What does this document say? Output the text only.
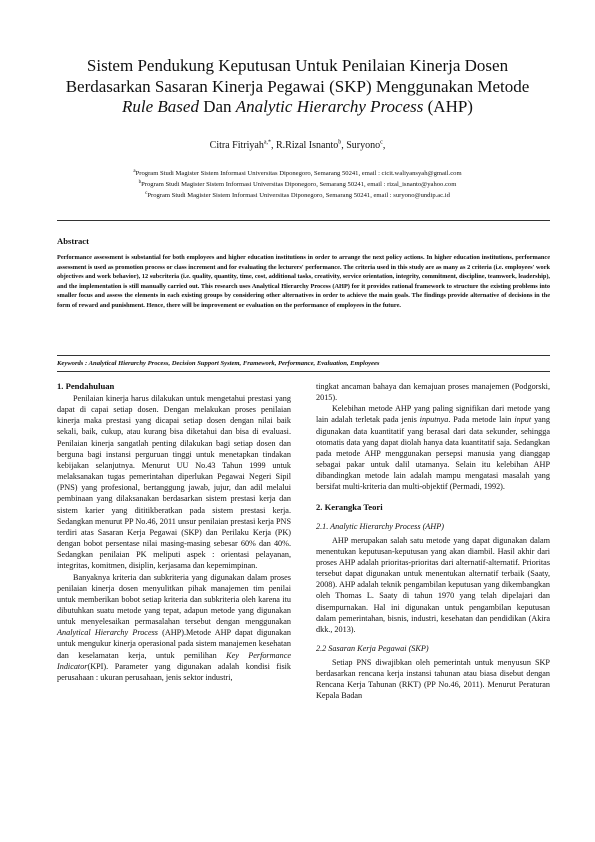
Sistem Pendukung Keputusan Untuk Penilaian Kinerja Dosen
Berdasarkan Sasaran Kinerja Pegawai (SKP) Menggunakan Metode
Rule Based Dan Analytic Hierarchy Process (AHP)
Citra Fitriyah$^{a,*}$, R.Rizal Isnanto$^b$, Suryono$^c$,
$^a$Program Studi Magister Sistem Informasi Universitas Diponegoro, Semarang 50241, email : cicit.waliyansyah@gmail.com
$^b$Program Studi Magister Sistem Informasi Universitas Diponegoro, Semarang 50241, email : rizal_isnanto@yahoo.com
$^c$Program Studi Magister Sistem Informasi Universitas Diponegoro, Semarang 50241, email : suryono@undip.ac.id
Abstract
Performance assessment is substantial for both employees and higher education institutions in order to arrange the next policy actions. In higher education institutions, performance assessment is used as promotion process or class increment and for evaluating the lecturers' performance. The criteria used in this study are as many as 2 criteria (i.e. employees' work objectives and work behavior), 12 subcriteria (i.e. quality, quantity, time, cost, additional tasks, creativity, service orientation, integrity, commitment, discipline, teamwork, leadership), and the implementation is still manually carried out. This research uses Analytical Hierarchy Process (AHP) for it provides rational framework to structure the existing problems into smaller focus and assess the elements in each existing groups by considering other alternatives in order to achieve the main goals. The findings provide alternative of decisions in the form of reward and punishment. Hence, there will be improvement or evaluation on the performance of employees in the future.
Keywords : Analytical Hierarchy Process, Decision Support System, Framework, Performance, Evaluation, Employees
1. Pendahuluan

Penilaian kinerja harus dilakukan untuk mengetahui prestasi yang dapat di capai setiap dosen. Dengan melakukan proses penilaian kinerja maka prestasi yang dicapai setiap dosen dengan nilai baik sekali, baik, cukup, atau kurang bisa diketahui dan bisa di evaluasi. Penilaian kinerja sangatlah penting dilakukan bagi setiap dosen dan berguna bagi instansi perguruan tinggi untuk menetapkan tindakan kebijakan selanjutnya. Menurut UU No.43 Tahun 1999 untuk melaksanakan tugas pemerintahan diperlukan Pegawai Negeri Sipil (PNS) yang profesional, bertanggung jawab, jujur, dan adil melalui pembinaan yang dilaksanakan berdasarkan sistem prestasi kerja dan sistem karier yang dititikberatkan pada sistem prestasi kerja. Sedangkan menurut PP No.46, 2011 unsur penilaian prestasi kerja PNS terdiri atas Sasaran Kerja Pegawai (SKP) dan Perilaku Kerja (PK) dengan bobot persentase nilai masing-masing sebesar 60% dan 40%. Sedangkan penilaian PK meliputi aspek : orientasi pelayanan, integritas, komitmen, disiplin, kerjasama dan kepemimpinan.

Banyaknya kriteria dan subkriteria yang digunakan dalam proses penilaian kinerja dosen menyulitkan pihak manajemen tim penilai untuk memberikan bobot setiap kriteria dan subkriteria oleh karena itu dibutuhkan suatu metode yang tepat, adapun metode yang digunakan untuk menyelesaikan permasalahan tersebut dengan menggunakan Analytical Hierarchy Process (AHP).Metode AHP dapat digunakan untuk mengukur kinerja operasional pada sistem manajemen kesehatan dan keselamatan kerja, untuk pemilihan Key Performance Indicator(KPI). Parameter yang digunakan adalah kondisi fisik perusahaan : ukuran perusahaan, jenis sektor industri,

tingkat ancaman bahaya dan kemajuan proses manajemen (Podgorski, 2015).

Kelebihan metode AHP yang paling signifikan dari metode yang lain adalah terletak pada jenis inputnya. Pada metode lain input yang digunakan data kuantitatif yang berasal dari data sekunder, sehingga otomatis data yang dapat diolah hanya data kuantitatif saja. Sedangkan pada metode AHP menggunakan persepsi manusia yang dianggap sebagai pakar untuk dalil utamanya. Selain itu kelebihan AHP dibandingkan metode lain adalah mampu mengatasi masalah yang bersifat multi-kriteria dan multi-objektif (Permadi, 1992).

2. Kerangka Teori
2.1. Analytic Hierarchy Process (AHP)

AHP merupakan salah satu metode yang dapat digunakan dalam menentukan keputusan-keputusan yang akan diambil. Hasil akhir dari proses AHP adalah prioritas-prioritas dari alternatif-alternatif. Prioritas tersebut dapat digunakan untuk menentukan alternatif terbaik (Saaty, 2008). AHP adalah teknik pengambilan keputusan yang dikembangkan oleh Thomas L. Saaty di tahun 1970 yang telah dipelajari dan disempurnakan. Hal ini digunakan untuk pengambilan keputusan dalam pemerintahan, bisnis, industri, kesehatan dan pendidikan (Akira dkk., 2013).

2.2 Sasaran Kerja Pegawai (SKP)

Setiap PNS diwajibkan oleh pemerintah untuk menyusun SKP berdasarkan rencana kerja instansi tahunan atau biasa disebut dengan Rencana Kerja Tahunan (RKT) (PP No.46, 2011). Menurut Peraturan Kepala Badan
